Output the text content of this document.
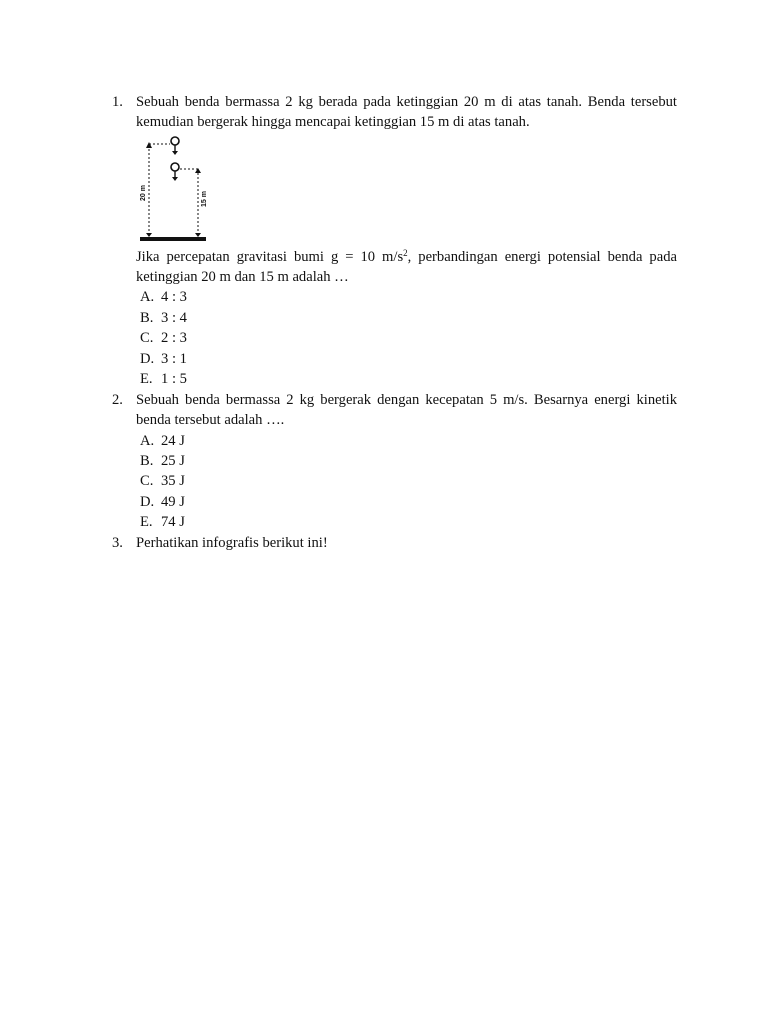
1. Sebuah benda bermassa 2 kg berada pada ketinggian 20 m di atas tanah. Benda tersebut
kemudian bergerak hingga mencapai ketinggian 15 m di atas tanah.
20 m	15 m
Jika percepatan gravitasi bumi g = 10 $m/s^2$, perbandingan energi potensial benda pada
ketinggian 20 m dan 15 m adalah …
A. 4 : 3
B. 3 : 4
C. 2 : 3
D. 3 : 1
E. 1 : 5
2. Sebuah benda bermassa 2 kg bergerak dengan kecepatan 5 m/s. Besarnya energi kinetik
benda tersebut adalah ….
A. 24 J
B. 25 J
C. 35 J
D. 49 J
E. 74 J
3. Perhatikan infografis berikut ini!
